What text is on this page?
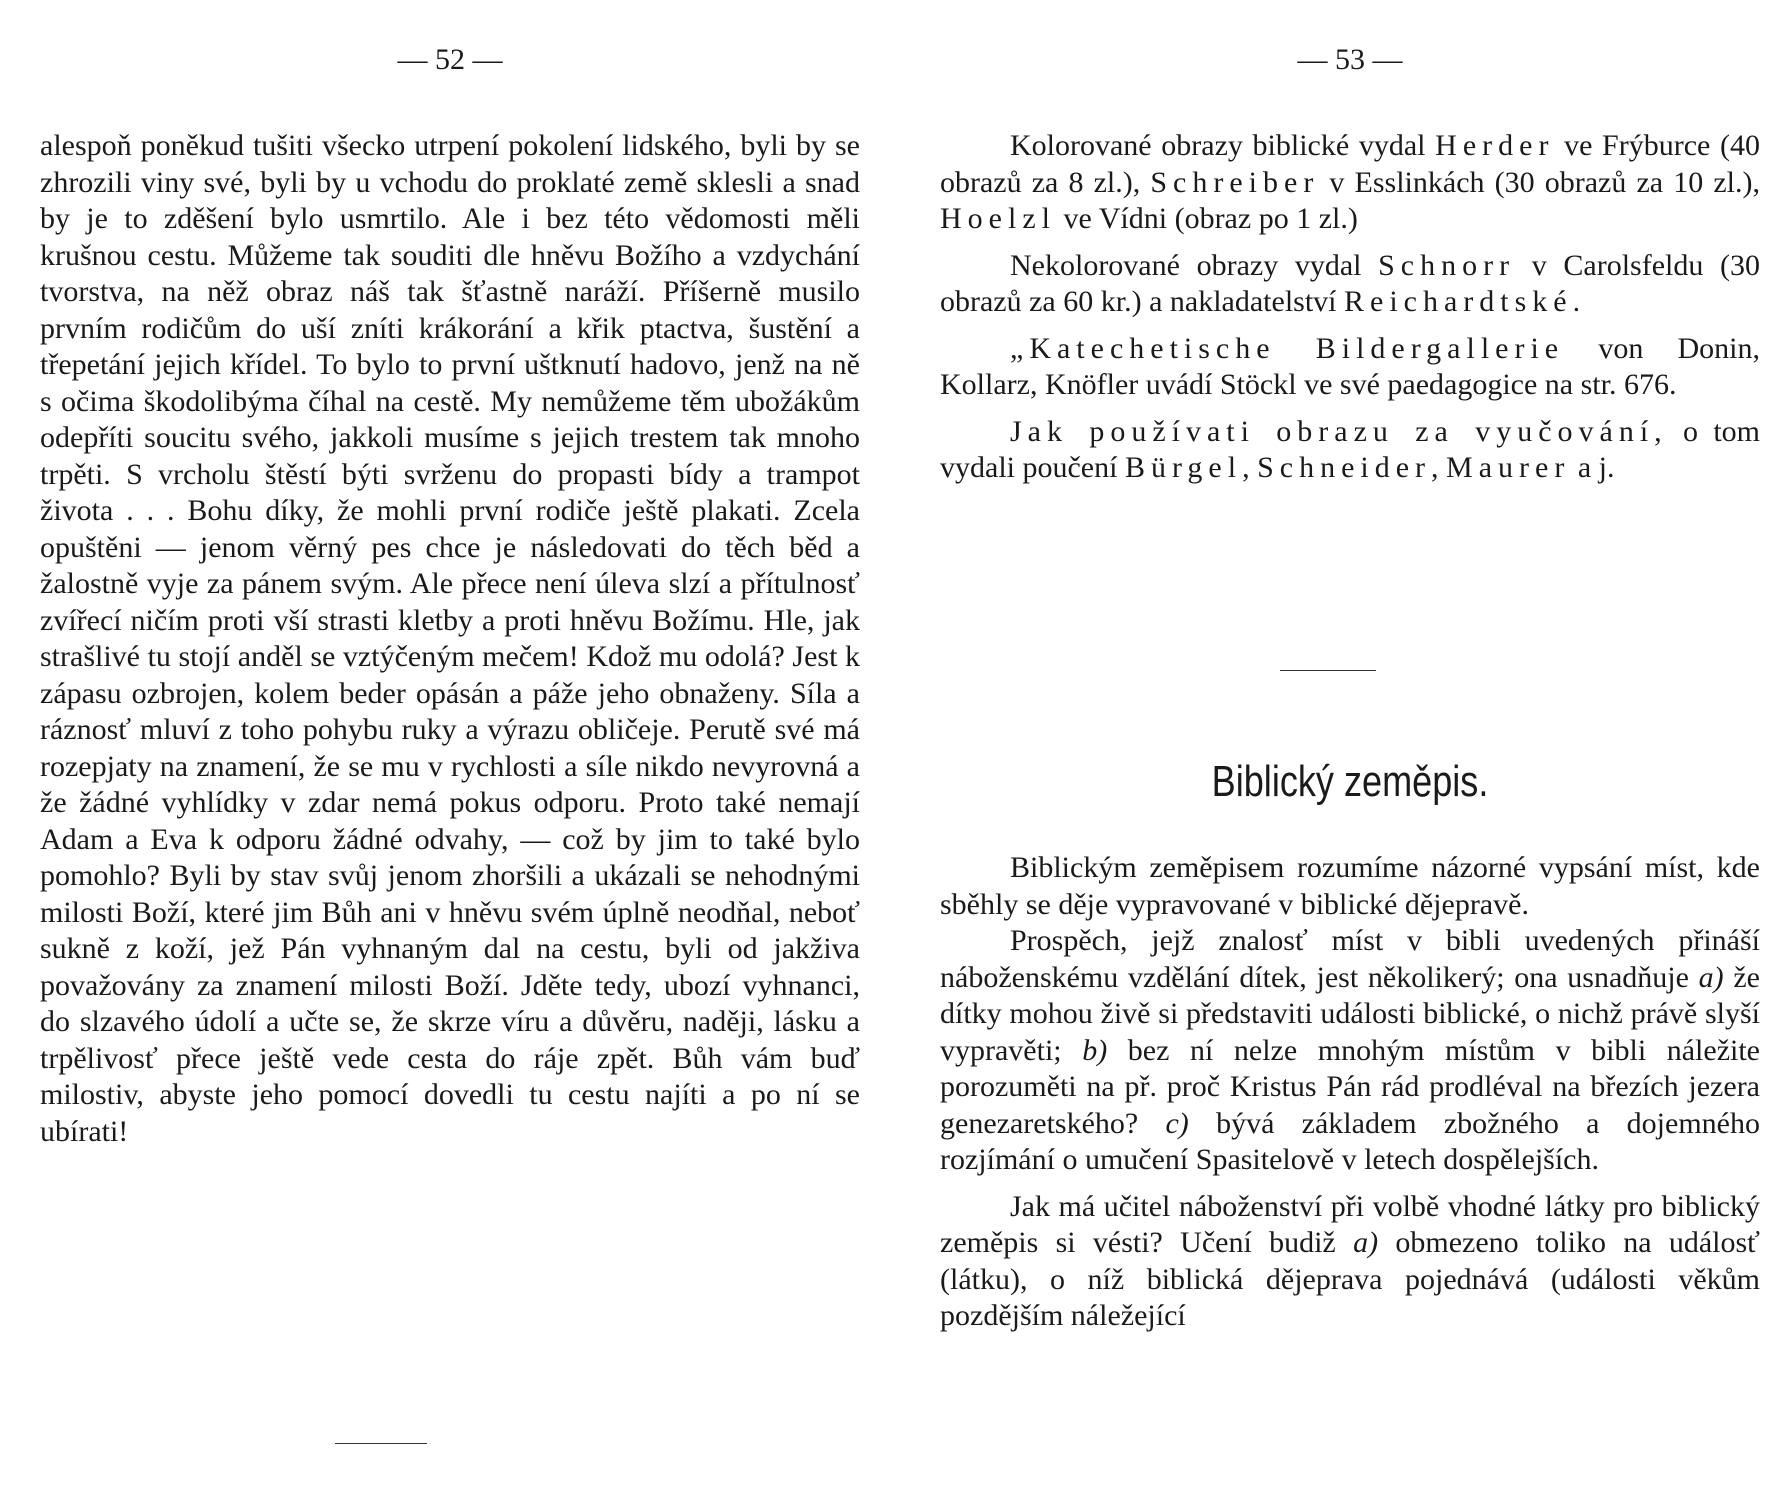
— 52 —

alespoň poněkud tušiti všecko utrpení pokolení lidského, byli by se zhrozili viny své, byli by u vchodu do proklaté země sklesli a snad by je to zděšení bylo usmrtilo. Ale i bez této vědomosti měli krušnou cestu. Můžeme tak souditi dle hněvu Božího a vzdychání tvorstva, na něž obraz náš tak šťastně naráží. Příšerně musilo prvním rodičům do uší zníti krákorání a křik ptactva, šustění a třepetání jejich křídel. To bylo to první uštknutí hadovo, jenž na ně s očima škodolibýma číhal na cestě. My nemůžeme těm ubožákům odepříti soucitu svého, jakkoli musíme s jejich trestem tak mnoho trpěti. S vrcholu štěstí býti svrženu do propasti bídy a trampot života . . . Bohu díky, že mohli první rodiče ještě plakati. Zcela opuštěni — jenom věrný pes chce je následovati do těch běd a žalostně vyje za pánem svým. Ale přece není úleva slzí a přítulnosť zvířecí ničím proti vší strasti kletby a proti hněvu Božímu. Hle, jak strašlivé tu stojí anděl se vztýčeným mečem! Kdož mu odolá? Jest k zápasu ozbrojen, kolem beder opásán a páže jeho obnaženy. Síla a ráznosť mluví z toho pohybu ruky a výrazu obličeje. Perutě své má rozepjaty na znamení, že se mu v rychlosti a síle nikdo nevyrovná a že žádné vyhlídky v zdar nemá pokus odporu. Proto také nemají Adam a Eva k odporu žádné odvahy, — což by jim to také bylo pomohlo? Byli by stav svůj jenom zhoršili a ukázali se nehodnými milosti Boží, které jim Bůh ani v hněvu svém úplně neodňal, neboť sukně z koží, jež Pán vyhnaným dal na cestu, byli od jakživa považovány za znamení milosti Boží. Jděte tedy, ubozí vyhnanci, do slzavého údolí a učte se, že skrze víru a důvěru, naději, lásku a trpělivosť přece ještě vede cesta do ráje zpět. Bůh vám buď milostiv, abyste jeho pomocí dovedli tu cestu najíti a po ní se ubírati!

— 53 —

Kolorované obrazy biblické vydal Herder ve Frýburce (40 obrazů za 8 zl.), Schreiber v Esslinkách (30 obrazů za 10 zl.), Hoelzl ve Vídni (obraz po 1 zl.)

Nekolorované obrazy vydal Schnorr v Carolsfeldu (30 obrazů za 60 kr.) a nakladatelství Reichardtské.

„Katechetische Bildergallerie von Donin, Kollarz, Knöfler uvádí Stöckl ve své paedagogice na str. 676.

Jak používati obrazu za vyučování, o tom vydali poučení Bürgel, Schneider, Maurer a j.

Biblický zeměpis.

Biblickým zeměpisem rozumíme názorné vypsání míst, kde sběhly se děje vypravované v biblické dějepravě.

Prospěch, jejž znalosť míst v bibli uvedených přináší náboženskému vzdělání dítek, jest několikerý; ona usnadňuje a) že dítky mohou živě si představiti události biblické, o nichž právě slyší vypravěti; b) bez ní nelze mnohým místům v bibli náležite porozuměti na př. proč Kristus Pán rád prodléval na březích jezera genezaretského? c) bývá základem zbožného a dojemného rozjímání o umučení Spasitelově v letech dospělejších.

Jak má učitel náboženství při volbě vhodné látky pro biblický zeměpis si vésti? Učení budiž a) obmezeno toliko na událosť (látku), o níž biblická dějeprava pojednává (události věkům pozdějším náležející
